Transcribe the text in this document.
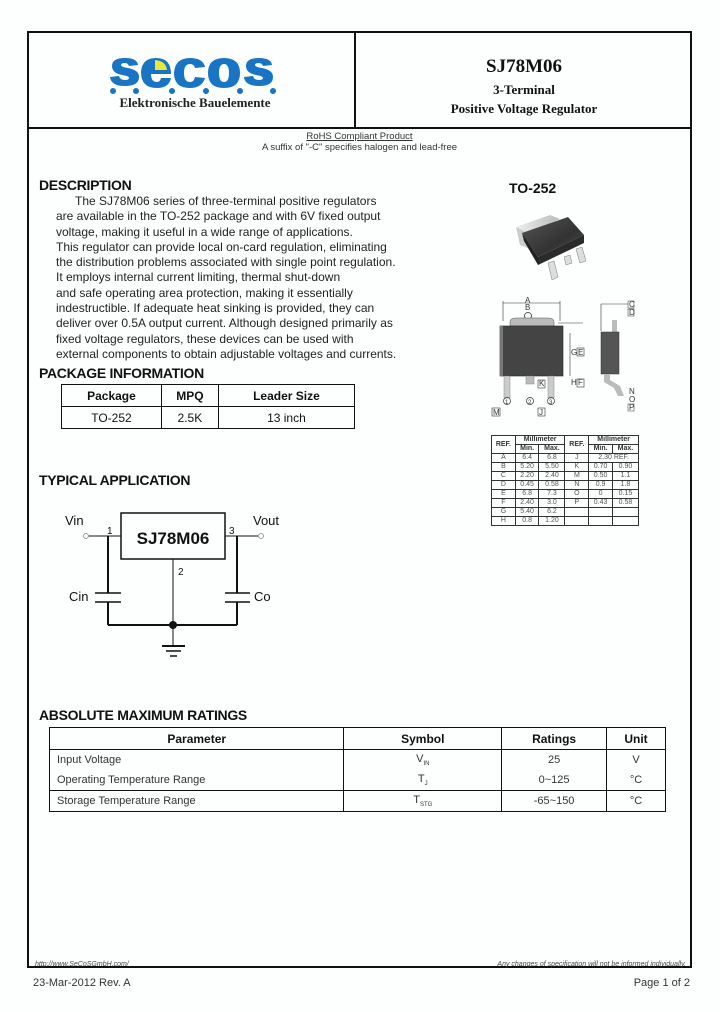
Elektronische Bauelemente
SJ78M06
3-Terminal
Positive Voltage Regulator
RoHS Compliant Product
A suffix of "-C" specifies halogen and lead-free
DESCRIPTION

The SJ78M06 series of three-terminal positive regulators

are available in the TO-252 package and with 6V fixed output

voltage, making it useful in a wide range of applications.

This regulator can provide local on-card regulation, eliminating

the distribution problems associated with single point regulation.

It employs internal current limiting, thermal shut-down

and safe operating area protection, making it essentially

indestructible. If adequate heat sinking is provided, they can

deliver over 0.5A output current. Although designed primarily as

fixed voltage regulators, these devices can be used with

external components to obtain adjustable voltages and currents.

TO-252
A
B
G E
H F
K
1	2	3
M	J
C
D
N
O
P
REF.	Millimeter		REF.	Millimeter	
	Min.	Max.		Min.	Max.
A	6.4	6.8	J	2.30 REF.	
B	5.20	5.50	K	0.70	0.90
C	2.20	2.40	M	0.50	1.1
D	0.45	0.58	N	0.9	1.8
E	6.8	7.3	O	0	0.15
F	2.40	3.0	P	0.43	0.58
G	5.40	6.2			
H	0.8	1.20			
PACKAGE INFORMATION
Package	MPQ	Leader Size
TO-252	2.5K	13 inch
TYPICAL APPLICATION
SJ78M06
Vin	Vout
Cin	Co
1
2
3
ABSOLUTE MAXIMUM RATINGS
Parameter	Symbol	Ratings	Unit
Input Voltage	$V_{IN}$	25	V
Operating Temperature Range	$T_J$	0~125	°C
Storage Temperature Range	$T_{STG}$	-65~150	°C
http://www.SeCoSGmbH.com/	Any changes of specification will not be informed individually.
23-Mar-2012 Rev. A	Page 1 of 2
